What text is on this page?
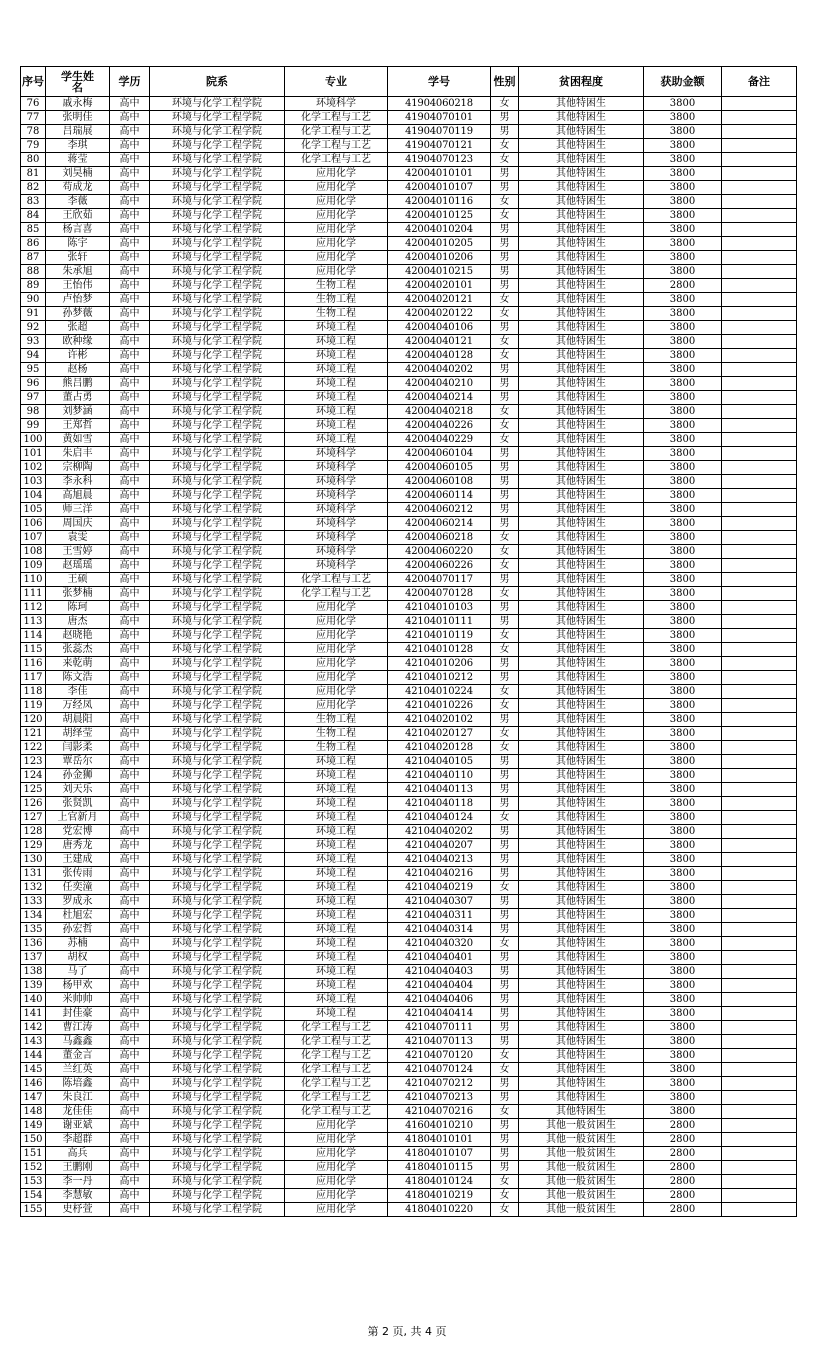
序号	学生姓名	学历	院系	专业	学号	性别	贫困程度	获助金额	备注
76	戚永梅	高中	环境与化学工程学院	环境科学	41904060218	女	其他特困生	3800	
77	张明佳	高中	环境与化学工程学院	化学工程与工艺	41904070101	男	其他特困生	3800	
78	吕瑞展	高中	环境与化学工程学院	化学工程与工艺	41904070119	男	其他特困生	3800	
79	李琪	高中	环境与化学工程学院	化学工程与工艺	41904070121	女	其他特困生	3800	
80	蒋莹	高中	环境与化学工程学院	化学工程与工艺	41904070123	女	其他特困生	3800	
81	刘昊楠	高中	环境与化学工程学院	应用化学	42004010101	男	其他特困生	3800	
82	苟成龙	高中	环境与化学工程学院	应用化学	42004010107	男	其他特困生	3800	
83	李薇	高中	环境与化学工程学院	应用化学	42004010116	女	其他特困生	3800	
84	王欣茹	高中	环境与化学工程学院	应用化学	42004010125	女	其他特困生	3800	
85	杨言喜	高中	环境与化学工程学院	应用化学	42004010204	男	其他特困生	3800	
86	陈宇	高中	环境与化学工程学院	应用化学	42004010205	男	其他特困生	3800	
87	张轩	高中	环境与化学工程学院	应用化学	42004010206	男	其他特困生	3800	
88	朱承旭	高中	环境与化学工程学院	应用化学	42004010215	男	其他特困生	3800	
89	王怡伟	高中	环境与化学工程学院	生物工程	42004020101	男	其他特困生	2800	
90	卢怡梦	高中	环境与化学工程学院	生物工程	42004020121	女	其他特困生	3800	
91	孙梦薇	高中	环境与化学工程学院	生物工程	42004020122	女	其他特困生	3800	
92	张超	高中	环境与化学工程学院	环境工程	42004040106	男	其他特困生	3800	
93	欧种缘	高中	环境与化学工程学院	环境工程	42004040121	女	其他特困生	3800	
94	许彬	高中	环境与化学工程学院	环境工程	42004040128	女	其他特困生	3800	
95	赵杨	高中	环境与化学工程学院	环境工程	42004040202	男	其他特困生	3800	
96	熊吕鹏	高中	环境与化学工程学院	环境工程	42004040210	男	其他特困生	3800	
97	董占勇	高中	环境与化学工程学院	环境工程	42004040214	男	其他特困生	3800	
98	刘梦涵	高中	环境与化学工程学院	环境工程	42004040218	女	其他特困生	3800	
99	王郑哲	高中	环境与化学工程学院	环境工程	42004040226	女	其他特困生	3800	
100	黄如雪	高中	环境与化学工程学院	环境工程	42004040229	女	其他特困生	3800	
101	朱启丰	高中	环境与化学工程学院	环境科学	42004060104	男	其他特困生	3800	
102	宗柳陶	高中	环境与化学工程学院	环境科学	42004060105	男	其他特困生	3800	
103	李永科	高中	环境与化学工程学院	环境科学	42004060108	男	其他特困生	3800	
104	高旭晨	高中	环境与化学工程学院	环境科学	42004060114	男	其他特困生	3800	
105	师三洋	高中	环境与化学工程学院	环境科学	42004060212	男	其他特困生	3800	
106	周国庆	高中	环境与化学工程学院	环境科学	42004060214	男	其他特困生	3800	
107	袁雯	高中	环境与化学工程学院	环境科学	42004060218	女	其他特困生	3800	
108	王雪婷	高中	环境与化学工程学院	环境科学	42004060220	女	其他特困生	3800	
109	赵瑶瑶	高中	环境与化学工程学院	环境科学	42004060226	女	其他特困生	3800	
110	王硕	高中	环境与化学工程学院	化学工程与工艺	42004070117	男	其他特困生	3800	
111	张梦楠	高中	环境与化学工程学院	化学工程与工艺	42004070128	女	其他特困生	3800	
112	陈珂	高中	环境与化学工程学院	应用化学	42104010103	男	其他特困生	3800	
113	唐杰	高中	环境与化学工程学院	应用化学	42104010111	男	其他特困生	3800	
114	赵晓艳	高中	环境与化学工程学院	应用化学	42104010119	女	其他特困生	3800	
115	张蕊杰	高中	环境与化学工程学院	应用化学	42104010128	女	其他特困生	3800	
116	来乾萌	高中	环境与化学工程学院	应用化学	42104010206	男	其他特困生	3800	
117	陈文浩	高中	环境与化学工程学院	应用化学	42104010212	男	其他特困生	3800	
118	李佳	高中	环境与化学工程学院	应用化学	42104010224	女	其他特困生	3800	
119	万经凤	高中	环境与化学工程学院	应用化学	42104010226	女	其他特困生	3800	
120	胡晨阳	高中	环境与化学工程学院	生物工程	42104020102	男	其他特困生	3800	
121	胡绎莹	高中	环境与化学工程学院	生物工程	42104020127	女	其他特困生	3800	
122	闫影柔	高中	环境与化学工程学院	生物工程	42104020128	女	其他特困生	3800	
123	覃岳尔	高中	环境与化学工程学院	环境工程	42104040105	男	其他特困生	3800	
124	孙金狮	高中	环境与化学工程学院	环境工程	42104040110	男	其他特困生	3800	
125	刘天乐	高中	环境与化学工程学院	环境工程	42104040113	男	其他特困生	3800	
126	张贤凯	高中	环境与化学工程学院	环境工程	42104040118	男	其他特困生	3800	
127	上官新月	高中	环境与化学工程学院	环境工程	42104040124	女	其他特困生	3800	
128	党宏博	高中	环境与化学工程学院	环境工程	42104040202	男	其他特困生	3800	
129	唐秀龙	高中	环境与化学工程学院	环境工程	42104040207	男	其他特困生	3800	
130	王建成	高中	环境与化学工程学院	环境工程	42104040213	男	其他特困生	3800	
131	张传雨	高中	环境与化学工程学院	环境工程	42104040216	男	其他特困生	3800	
132	任奕潼	高中	环境与化学工程学院	环境工程	42104040219	女	其他特困生	3800	
133	罗成永	高中	环境与化学工程学院	环境工程	42104040307	男	其他特困生	3800	
134	杜旭宏	高中	环境与化学工程学院	环境工程	42104040311	男	其他特困生	3800	
135	孙宏哲	高中	环境与化学工程学院	环境工程	42104040314	男	其他特困生	3800	
136	苏楠	高中	环境与化学工程学院	环境工程	42104040320	女	其他特困生	3800	
137	胡权	高中	环境与化学工程学院	环境工程	42104040401	男	其他特困生	3800	
138	马了	高中	环境与化学工程学院	环境工程	42104040403	男	其他特困生	3800	
139	杨甲欢	高中	环境与化学工程学院	环境工程	42104040404	男	其他特困生	3800	
140	米帅帅	高中	环境与化学工程学院	环境工程	42104040406	男	其他特困生	3800	
141	封佳豪	高中	环境与化学工程学院	环境工程	42104040414	男	其他特困生	3800	
142	曹江涛	高中	环境与化学工程学院	化学工程与工艺	42104070111	男	其他特困生	3800	
143	马鑫鑫	高中	环境与化学工程学院	化学工程与工艺	42104070113	男	其他特困生	3800	
144	董金言	高中	环境与化学工程学院	化学工程与工艺	42104070120	女	其他特困生	3800	
145	兰红英	高中	环境与化学工程学院	化学工程与工艺	42104070124	女	其他特困生	3800	
146	陈培鑫	高中	环境与化学工程学院	化学工程与工艺	42104070212	男	其他特困生	3800	
147	朱良江	高中	环境与化学工程学院	化学工程与工艺	42104070213	男	其他特困生	3800	
148	龙佳佳	高中	环境与化学工程学院	化学工程与工艺	42104070216	女	其他特困生	3800	
149	谢亚斌	高中	环境与化学工程学院	应用化学	41604010210	男	其他一般贫困生	2800	
150	李超群	高中	环境与化学工程学院	应用化学	41804010101	男	其他一般贫困生	2800	
151	高兵	高中	环境与化学工程学院	应用化学	41804010107	男	其他一般贫困生	2800	
152	王鹏刚	高中	环境与化学工程学院	应用化学	41804010115	男	其他一般贫困生	2800	
153	李一丹	高中	环境与化学工程学院	应用化学	41804010124	女	其他一般贫困生	2800	
154	李慧敏	高中	环境与化学工程学院	应用化学	41804010219	女	其他一般贫困生	2800	
155	史杼萱	高中	环境与化学工程学院	应用化学	41804010220	女	其他一般贫困生	2800	
第 2 页, 共 4 页
